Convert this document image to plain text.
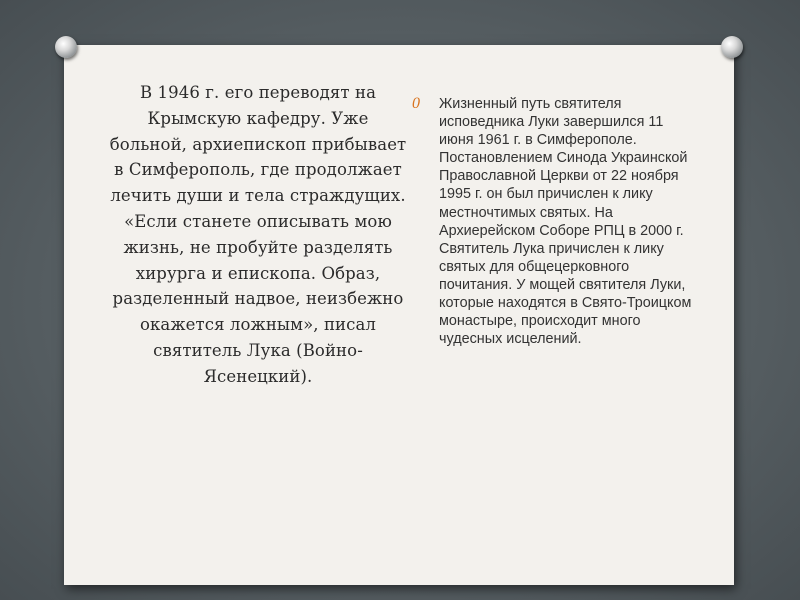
В 1946 г. его переводят на Крымскую кафедру. Уже больной, архиепископ прибывает в Симферополь, где продолжает лечить души и тела страждущих.

«Если станете описывать мою жизнь, не пробуйте разделять хирурга и епископа. Образ, разделенный надвое, неизбежно окажется ложным», писал святитель Лука (Войно-Ясенецкий).

0 Жизненный путь святителя исповедника Луки завершился 11 июня 1961 г. в Симферополе. Постановлением Синода Украинской Православной Церкви от 22 ноября 1995 г. он был причислен к лику местночтимых святых. На Архиерейском Соборе РПЦ в 2000 г. Святитель Лука причислен к лику святых для общецерковного почитания. У мощей святителя Луки, которые находятся в Свято-Троицком монастыре, происходит много чудесных исцелений.
